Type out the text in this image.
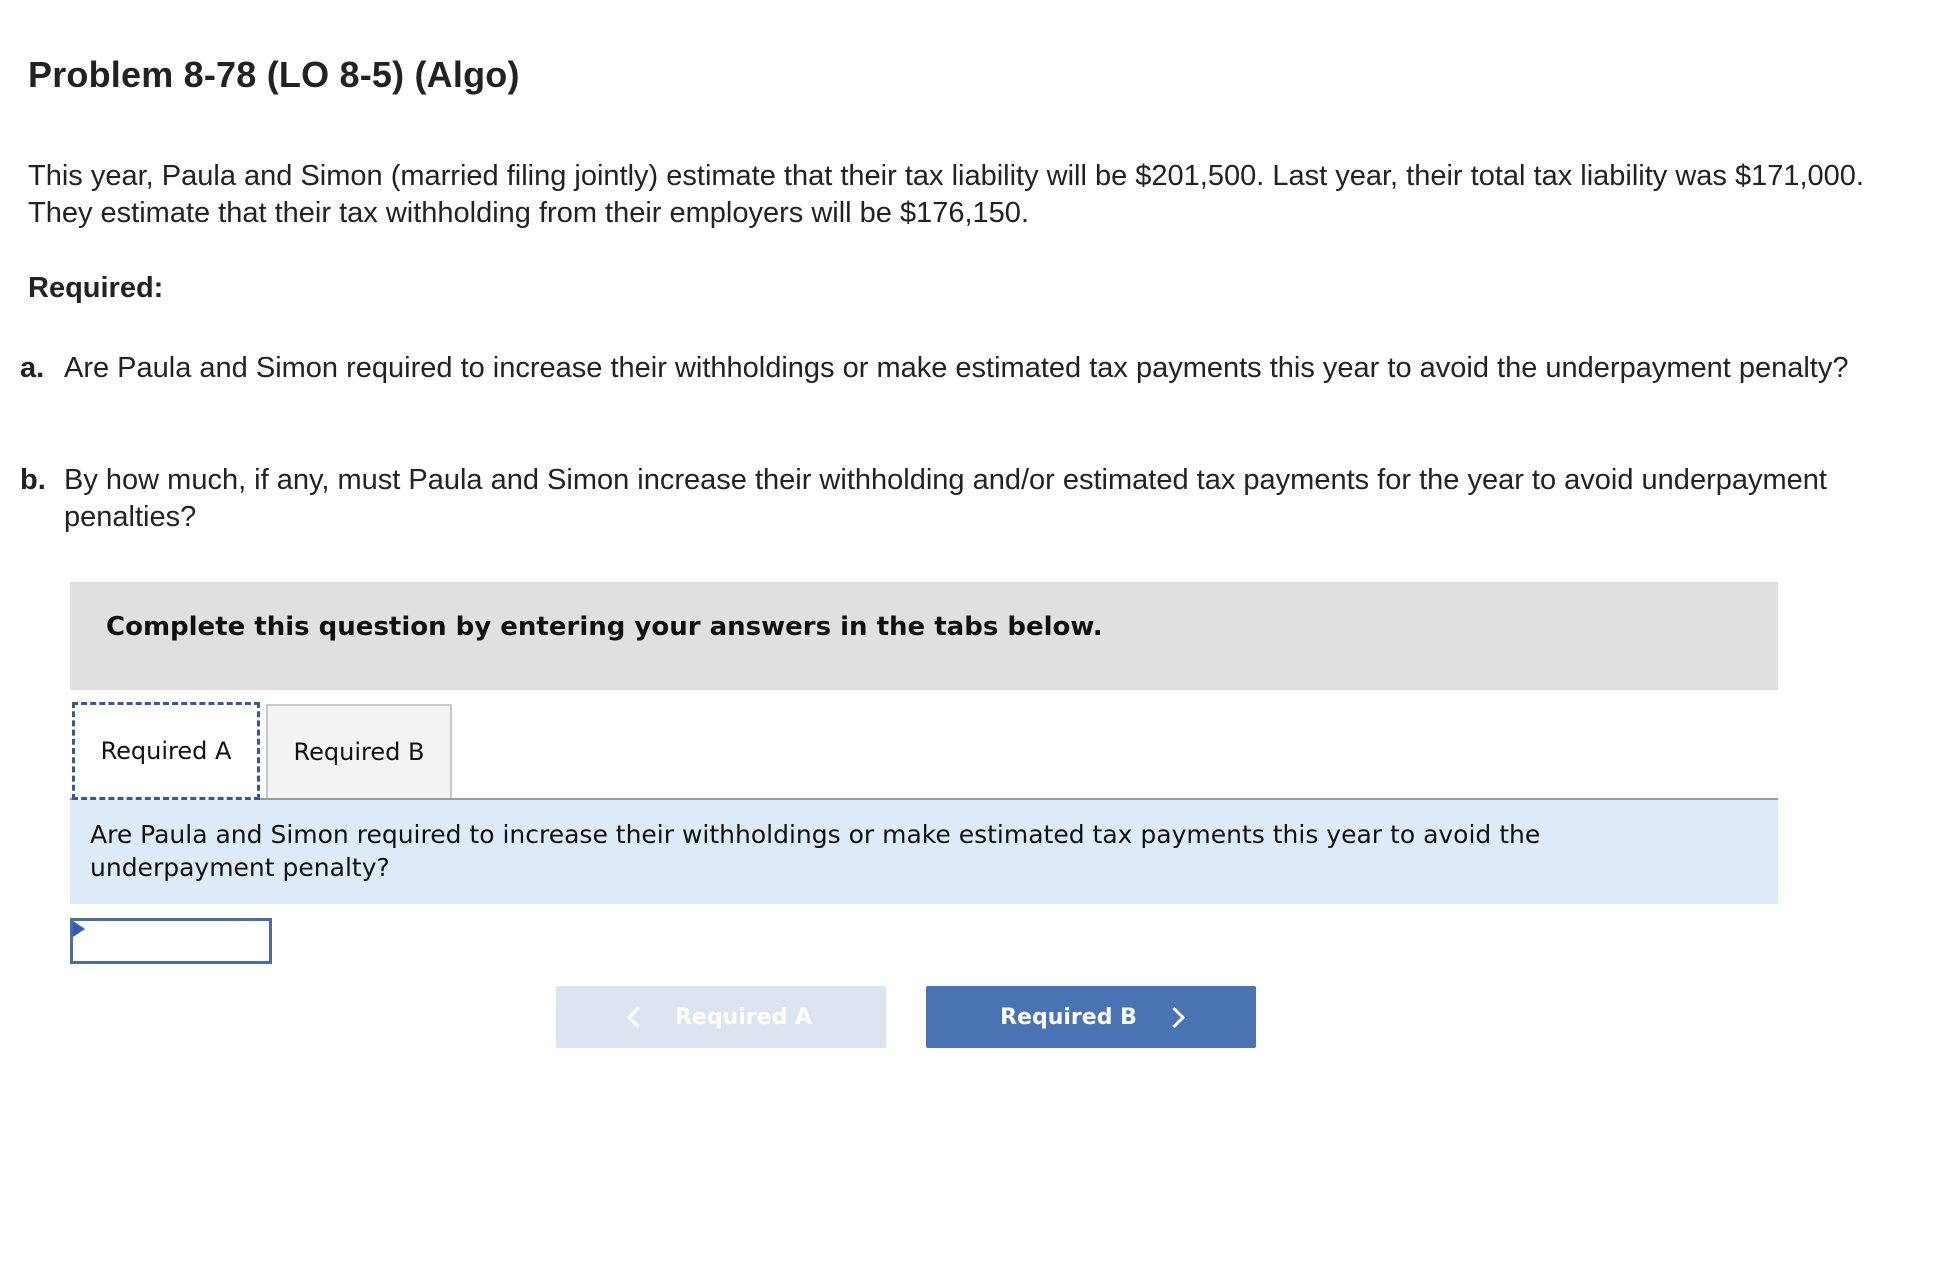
Problem 8-78 (LO 8-5) (Algo)

This year, Paula and Simon (married filing jointly) estimate that their tax liability will be $201,500. Last year, their total tax liability was $171,000. They estimate that their tax withholding from their employers will be $176,150.

Required:
a. Are Paula and Simon required to increase their withholdings or make estimated tax payments this year to avoid the underpayment penalty?
b. By how much, if any, must Paula and Simon increase their withholding and/or estimated tax payments for the year to avoid underpayment penalties?

Complete this question by entering your answers in the tabs below.

Required A	Required B

Are Paula and Simon required to increase their withholdings or make estimated tax payments this year to avoid the underpayment penalty?

Required A	Required B
